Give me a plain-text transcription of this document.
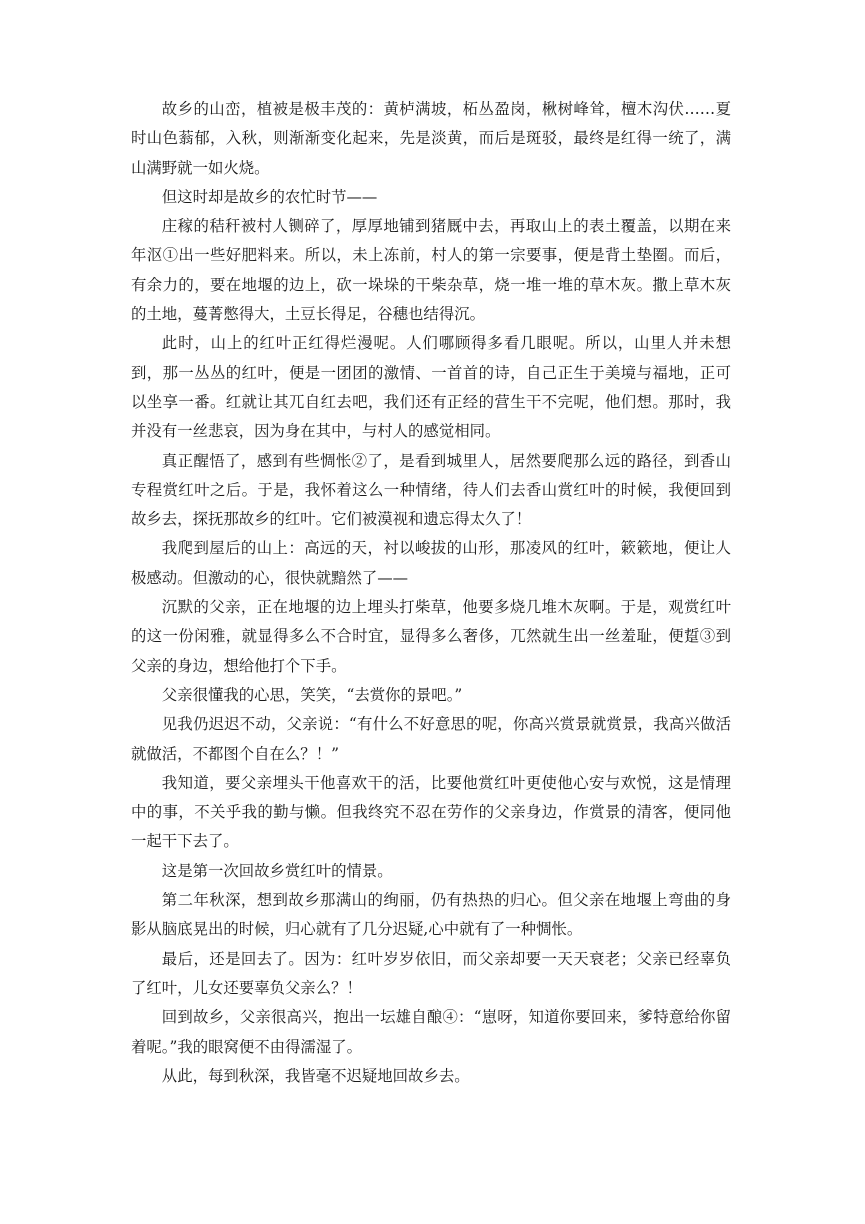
故乡的山峦，植被是极丰茂的：黄栌满坡，柘丛盈岗，楸树峰耸，檀木沟伏……夏时山色蓊郁，入秋，则渐渐变化起来，先是淡黄，而后是斑驳，最终是红得一统了，满山满野就一如火烧。

但这时却是故乡的农忙时节——

庄稼的秸秆被村人铡碎了，厚厚地铺到猪厩中去，再取山上的表土覆盖，以期在来年沤①出一些好肥料来。所以，未上冻前，村人的第一宗要事，便是背土垫圈。而后，有余力的，要在地堰的边上，砍一垛垛的干柴杂草，烧一堆一堆的草木灰。撒上草木灰的土地，蔓菁憋得大，土豆长得足，谷穗也结得沉。

此时，山上的红叶正红得烂漫呢。人们哪顾得多看几眼呢。所以，山里人并未想到，那一丛丛的红叶，便是一团团的激情、一首首的诗，自己正生于美境与福地，正可以坐享一番。红就让其兀自红去吧，我们还有正经的营生干不完呢，他们想。那时，我并没有一丝悲哀，因为身在其中，与村人的感觉相同。

真正醒悟了，感到有些惆怅②了，是看到城里人，居然要爬那么远的路径，到香山专程赏红叶之后。于是，我怀着这么一种情绪，待人们去香山赏红叶的时候，我便回到故乡去，探抚那故乡的红叶。它们被漠视和遗忘得太久了！

我爬到屋后的山上：高远的天，衬以峻拔的山形，那凌风的红叶，簌簌地，便让人极感动。但激动的心，很快就黯然了——

沉默的父亲，正在地堰的边上埋头打柴草，他要多烧几堆木灰啊。于是，观赏红叶的这一份闲雅，就显得多么不合时宜，显得多么奢侈，兀然就生出一丝羞耻，便踅③到父亲的身边，想给他打个下手。

父亲很懂我的心思，笑笑，“去赏你的景吧。”

见我仍迟迟不动，父亲说：“有什么不好意思的呢，你高兴赏景就赏景，我高兴做活就做活，不都图个自在么？！”

我知道，要父亲埋头干他喜欢干的活，比要他赏红叶更使他心安与欢悦，这是情理中的事，不关乎我的勤与懒。但我终究不忍在劳作的父亲身边，作赏景的清客，便同他一起干下去了。

这是第一次回故乡赏红叶的情景。

第二年秋深，想到故乡那满山的绚丽，仍有热热的归心。但父亲在地堰上弯曲的身影从脑底晃出的时候，归心就有了几分迟疑,心中就有了一种惆怅。

最后，还是回去了。因为：红叶岁岁依旧，而父亲却要一天天衰老；父亲已经辜负了红叶，儿女还要辜负父亲么？！

回到故乡，父亲很高兴，抱出一坛雄自酿④：“崽呀，知道你要回来，爹特意给你留着呢。”我的眼窝便不由得濡湿了。

从此，每到秋深，我皆毫不迟疑地回故乡去。
